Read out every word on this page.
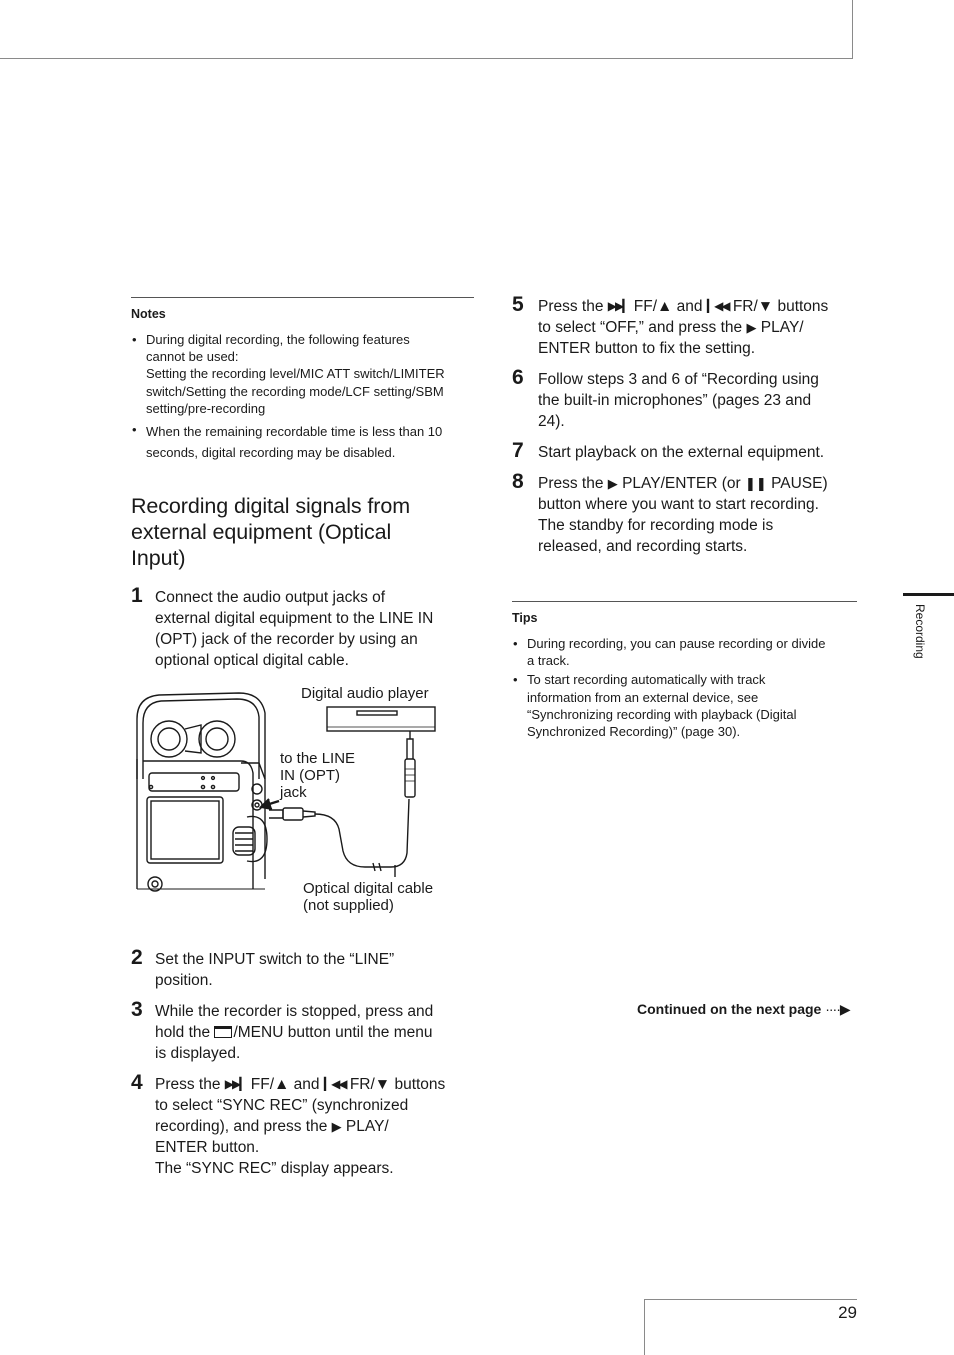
Notes
• During digital recording, the following features
cannot be used:
Setting the recording level/MIC ATT switch/LIMITER
switch/Setting the recording mode/LCF setting/SBM
setting/pre-recording
• When the remaining recordable time is less than 10
seconds, digital recording may be disabled.
Recording digital signals from
external equipment (Optical
Input)
1 Connect the audio output jacks of
external digital equipment to the LINE IN
(OPT) jack of the recorder by using an
optional optical digital cable.
Digital audio player
to the LINE
IN (OPT)
jack
Optical digital cable
(not supplied)
2 Set the INPUT switch to the “LINE”
position.
3 While the recorder is stopped, press and
hold the /MENU button until the menu
is displayed.
4 Press the ▶▶▎ FF/▲ and ▎◀◀ FR/▼ buttons
to select “SYNC REC” (synchronized
recording), and press the ▶ PLAY/
ENTER button.
The “SYNC REC” display appears.
5 Press the ▶▶▎ FF/▲ and ▎◀◀ FR/▼ buttons
to select “OFF,” and press the ▶ PLAY/
ENTER button to fix the setting.
6 Follow steps 3 and 6 of “Recording using
the built-in microphones” (pages 23 and
24).
7 Start playback on the external equipment.
8 Press the ▶ PLAY/ENTER (or ❚❚ PAUSE)
button where you want to start recording.
The standby for recording mode is
released, and recording starts.
Tips
• During recording, you can pause recording or divide
a track.
• To start recording automatically with track
information from an external device, see
“Synchronizing recording with playback (Digital
Synchronized Recording)” (page 30).
Continued on the next page ····▶
Recording
29
